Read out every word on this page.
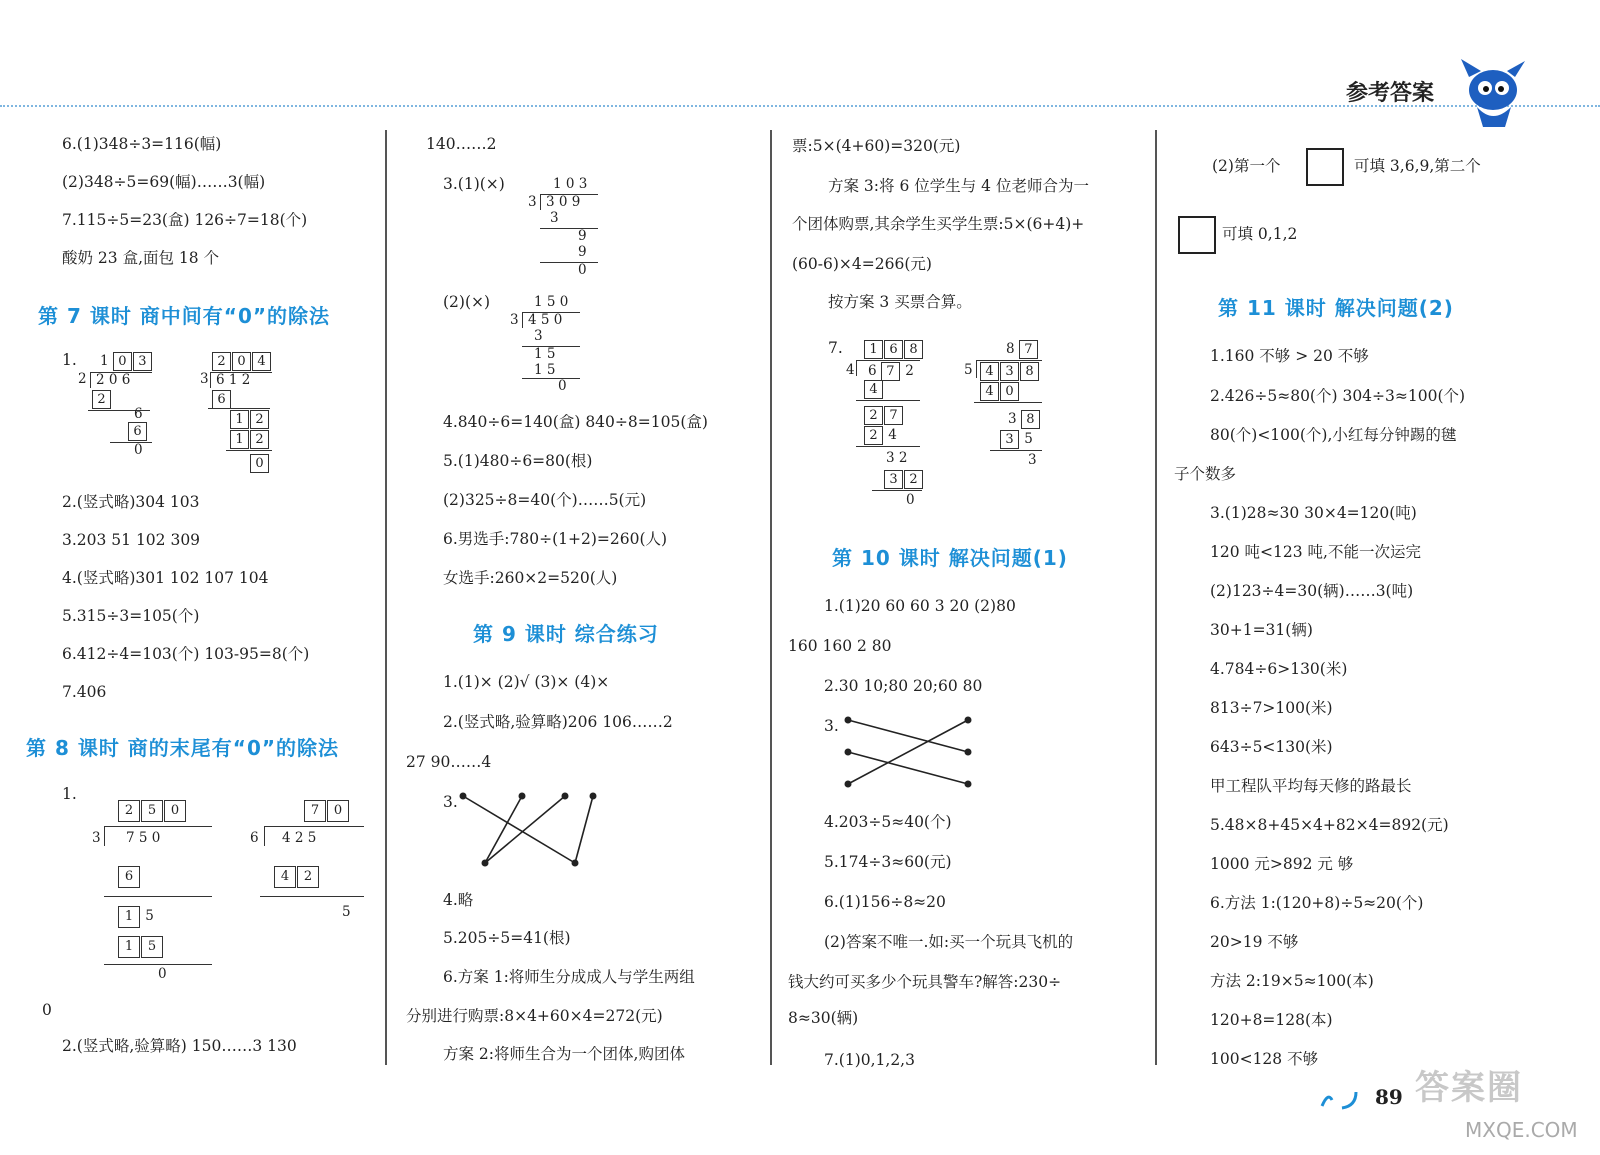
参考答案
6.(1)348÷3=116(幅)
(2)348÷5=69(幅)……3(幅)
7.115÷5=23(盒) 126÷7=18(个)
酸奶 23 盒,面包 18 个
第 7 课时 商中间有“0”的除法
1. 1 0 3
2 2 0 6
2
6
6
0
2 0 4
3 6 1 2
6
1 2
1 2
0
2.(竖式略)304 103
3.203 51 102 309
4.(竖式略)301 102 107 104
5.315÷3=105(个)
6.412÷4=103(个) 103-95=8(个)
7.406
第 8 课时 商的末尾有“0”的除法
1.
2 5 0
3 7 5 0
6
1 5
1 5
0
7 0
6 4 2 5
4 2
5
0
2.(竖式略,验算略) 150……3 130
140……2
3.(1)(×)	1 0 3
3 3 0 9
3
9
9
0
(2)(×)	1 5 0
3 4 5 0
3
1 5
1 5
0
4.840÷6=140(盒) 840÷8=105(盒)
5.(1)480÷6=80(根)
(2)325÷8=40(个)……5(元)
6.男选手:780÷(1+2)=260(人)
女选手:260×2=520(人)
第 9 课时 综合练习
1.(1)× (2)√ (3)× (4)×
2.(竖式略,验算略)206 106……2
27 90……4
3.
4.略
5.205÷5=41(根)
6.方案 1:将师生分成成人与学生两组
分别进行购票:8×4+60×4=272(元)
方案 2:将师生合为一个团体,购团体
票:5×(4+60)=320(元)
方案 3:将 6 位学生与 4 位老师合为一
个团体购票,其余学生买学生票:5×(6+4)+
(60-6)×4=266(元)
按方案 3 买票合算。
7.	1 6 8
4 6 7 2
4
2 7
2 4
3 2
3 2
0
8 7
5 4 3 8
4 0
3 8
3 5
3
第 10 课时 解决问题(1)
1.(1)20 60 60 3 20 (2)80
160 160 2 80
2.30 10;80 20;60 80
3.
4.203÷5≈40(个)
5.174÷3≈60(元)
6.(1)156÷8≈20
(2)答案不唯一.如:买一个玩具飞机的
钱大约可买多少个玩具警车?解答:230÷
8≈30(辆)
7.(1)0,1,2,3
(2)第一个	可填 3,6,9,第二个
可填 0,1,2
第 11 课时 解决问题(2)
1.160 不够 > 20 不够
2.426÷5≈80(个) 304÷3≈100(个)
80(个)<100(个),小红每分钟踢的毽
子个数多
3.(1)28≈30 30×4=120(吨)
120 吨<123 吨,不能一次运完
(2)123÷4=30(辆)……3(吨)
30+1=31(辆)
4.784÷6>130(米)
813÷7>100(米)
643÷5<130(米)
甲工程队平均每天修的路最长
5.48×8+45×4+82×4=892(元)
1000 元>892 元 够
6.方法 1:(120+8)÷5≈20(个)
20>19 不够
方法 2:19×5≈100(本)
120+8=128(本)
100<128 不够
89 答案圈
MXQE.COM
